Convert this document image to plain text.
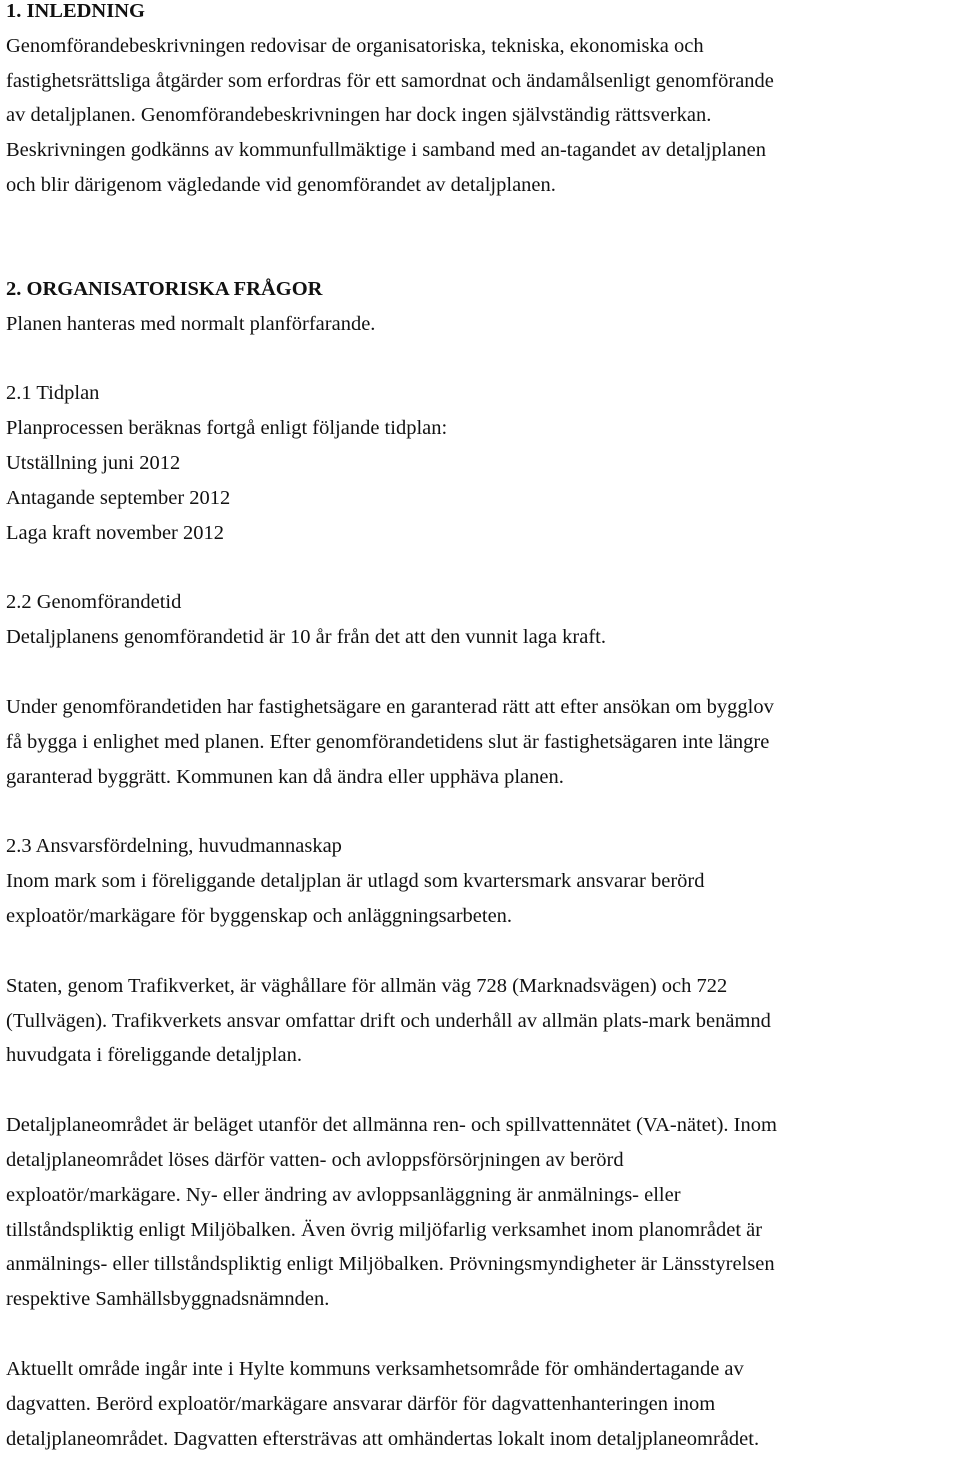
1. INLEDNING

Genomförandebeskrivningen redovisar de organisatoriska, tekniska, ekonomiska och
fastighetsrättsliga åtgärder som erfordras för ett samordnat och ändamålsenligt genomförande
av detaljplanen. Genomförandebeskrivningen har dock ingen självständig rättsverkan.
Beskrivningen godkänns av kommunfullmäktige i samband med an-tagandet av detaljplanen
och blir därigenom vägledande vid genomförandet av detaljplanen.

2. ORGANISATORISKA FRÅGOR

Planen hanteras med normalt planförfarande.

2.1 Tidplan

Planprocessen beräknas fortgå enligt följande tidplan:
Utställning juni 2012
Antagande september 2012
Laga kraft november 2012

2.2 Genomförandetid

Detaljplanens genomförandetid är 10 år från det att den vunnit laga kraft.

Under genomförandetiden har fastighetsägare en garanterad rätt att efter ansökan om bygglov
få bygga i enlighet med planen. Efter genomförandetidens slut är fastighetsägaren inte längre
garanterad byggrätt. Kommunen kan då ändra eller upphäva planen.

2.3 Ansvarsfördelning, huvudmannaskap

Inom mark som i föreliggande detaljplan är utlagd som kvartersmark ansvarar berörd
exploatör/markägare för byggenskap och anläggningsarbeten.

Staten, genom Trafikverket, är väghållare för allmän väg 728 (Marknadsvägen) och 722
(Tullvägen). Trafikverkets ansvar omfattar drift och underhåll av allmän plats-mark benämnd
huvudgata i föreliggande detaljplan.

Detaljplaneområdet är beläget utanför det allmänna ren- och spillvattennätet (VA-nätet). Inom
detaljplaneområdet löses därför vatten- och avloppsförsörjningen av berörd
exploatör/markägare. Ny- eller ändring av avloppsanläggning är anmälnings- eller
tillståndspliktig enligt Miljöbalken. Även övrig miljöfarlig verksamhet inom planområdet är
anmälnings- eller tillståndspliktig enligt Miljöbalken. Prövningsmyndigheter är Länsstyrelsen
respektive Samhällsbyggnadsnämnden.

Aktuellt område ingår inte i Hylte kommuns verksamhetsområde för omhändertagande av
dagvatten. Berörd exploatör/markägare ansvarar därför för dagvattenhanteringen inom
detaljplaneområdet. Dagvatten eftersträvas att omhändertas lokalt inom detaljplaneområdet.
